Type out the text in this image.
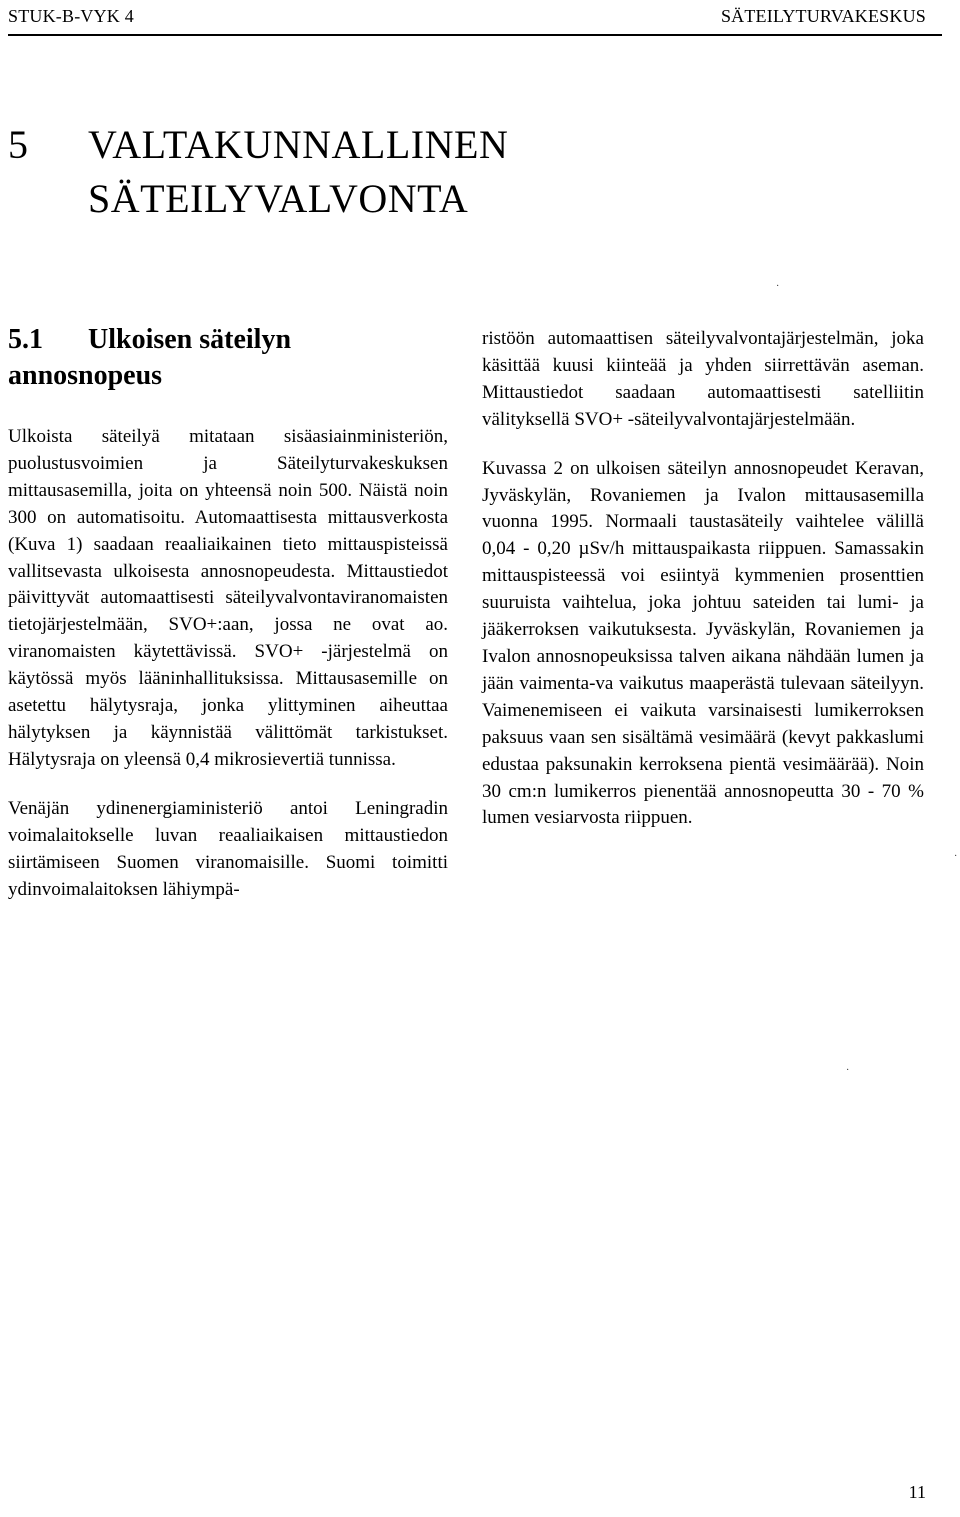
STUK-B-VYK 4	SÄTEILYTURVAKESKUS
5 VALTAKUNNALLINEN
SÄTEILYVALVONTA
·
5.1 Ulkoisen säteilyn
annosnopeus

Ulkoista säteilyä mitataan sisäasiainministeriön, puolustusvoimien ja Säteilyturvakeskuksen mittausasemilla, joita on yhteensä noin 500. Näistä noin 300 on automatisoitu. Automaattisesta mittausverkosta (Kuva 1) saadaan reaaliaikainen tieto mittauspisteissä vallitsevasta ulkoisesta annosnopeudesta. Mittaustiedot päivittyvät automaattisesti säteilyvalvontaviranomaisten tietojärjestelmään, SVO+:aan, jossa ne ovat ao. viranomaisten käytettävissä. SVO+ -järjestelmä on käytössä myös lääninhallituksissa. Mittausasemille on asetettu hälytysraja, jonka ylittyminen aiheuttaa hälytyksen ja käynnistää välittömät tarkistukset. Hälytysraja on yleensä 0,4 mikrosievertiä tunnissa.

Venäjän ydinenergiaministeriö antoi Leningradin voimalaitokselle luvan reaaliaikaisen mittaustiedon siirtämiseen Suomen viranomaisille. Suomi toimitti ydinvoimalaitoksen lähiympä-

ristöön automaattisen säteilyvalvontajärjestelmän, joka käsittää kuusi kiinteää ja yhden siirrettävän aseman. Mittaustiedot saadaan automaattisesti satelliitin välityksellä SVO+ -säteilyvalvontajärjestelmään.

Kuvassa 2 on ulkoisen säteilyn annosnopeudet Keravan, Jyväskylän, Rovaniemen ja Ivalon mittausasemilla vuonna 1995. Normaali taustasäteily vaihtelee välillä 0,04 - 0,20 µSv/h mittauspaikasta riippuen. Samassakin mittauspisteessä voi esiintyä kymmenien prosenttien suuruista vaihtelua, joka johtuu sateiden tai lumi- ja jääkerroksen vaikutuksesta. Jyväskylän, Rovaniemen ja Ivalon annosnopeuksissa talven aikana nähdään lumen ja jään vaimenta-va vaikutus maaperästä tulevaan säteilyyn. Vaimenemiseen ei vaikuta varsinaisesti lumikerroksen paksuus vaan sen sisältämä vesimäärä (kevyt pakkaslumi edustaa paksunakin kerroksena pientä vesimäärää). Noin 30 cm:n lumikerros pienentää annosnopeutta 30 - 70 % lumen vesiarvosta riippuen.

·
·
11
